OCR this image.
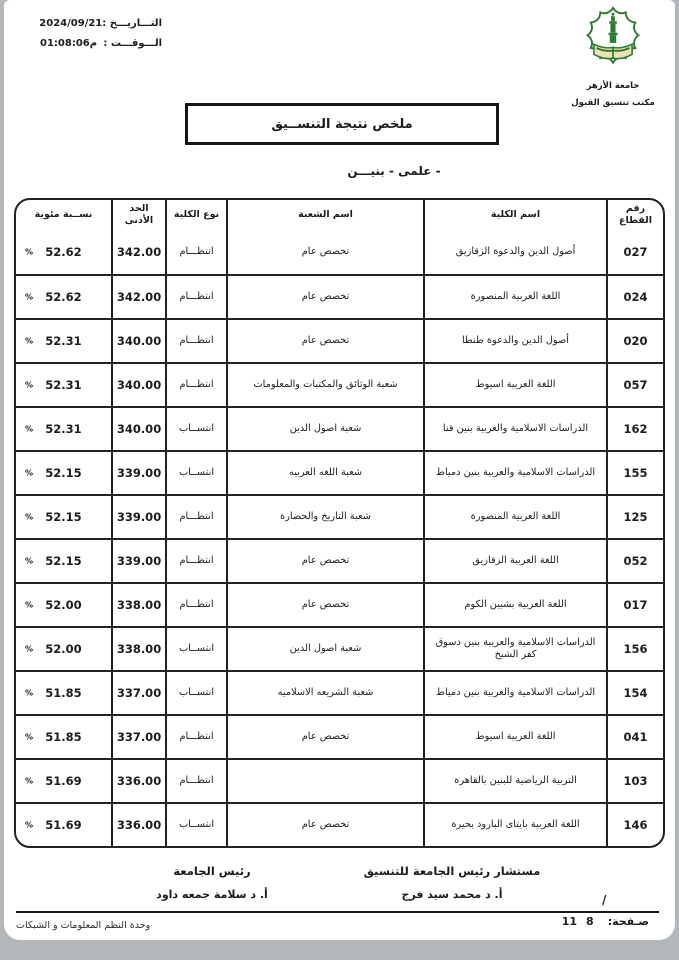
التـــاريـــخ :
2024/09/21
الـــوقـــت :
01:08:06م
جامعة الأزهر
مكتب تنسيق القبول
ملخص نتيجة التنســيق
- علمى - بنيـــن
رقم القطاع
اسم الكلية
اسم الشعبة
نوع الكلية
الحد الأدنى
نســبة مئوية
027
أصول الدين والدعوة الزقازيق
تخصص عام
انتظـــام
342.00
% 52.62
024
اللغة العربية المنصورة
تخصص عام
انتظـــام
342.00
% 52.62
020
أصول الدين والدعوة طنطا
تخصص عام
انتظـــام
340.00
% 52.31
057
اللغة العربية اسيوط
شعبة الوثائق والمكتبات والمعلومات
انتظـــام
340.00
% 52.31
162
الدراسات الاسلامية والعربية بنين قنا
شعبة اصول الدين
انتســاب
340.00
% 52.31
155
الدراسات الاسلامية والعربية بنين دمياط
شعبة اللغه العربيه
انتســاب
339.00
% 52.15
125
اللغة العربية المنصورة
شعبة التاريخ والحضارة
انتظـــام
339.00
% 52.15
052
اللغة العربية الزقازيق
تخصص عام
انتظـــام
339.00
% 52.15
017
اللغة العربية بشبين الكوم
تخصص عام
انتظـــام
338.00
% 52.00
156
الدراسات الاسلامية والعربية بنين دسوق كفر الشيخ
شعبة اصول الدين
انتســاب
338.00
% 52.00
154
الدراسات الاسلامية والعربية بنين دمياط
شعبة الشريعه الاسلاميه
انتســاب
337.00
% 51.85
041
اللغة العربية اسيوط
تخصص عام
انتظـــام
337.00
% 51.85
103
التربية الرياضية للبنين بالقاهرة
انتظـــام
336.00
% 51.69
146
اللغة العربية بايتاى البارود بحيرة
تخصص عام
انتســاب
336.00
% 51.69
مستشار رئيس الجامعة للتنسيق
أ. د محمد سيد فرج
رئيس الجامعة
أ. د سلامة جمعه داود	/
صـفحة:
8
11
وحدة النظم المعلومات و الشبكات
